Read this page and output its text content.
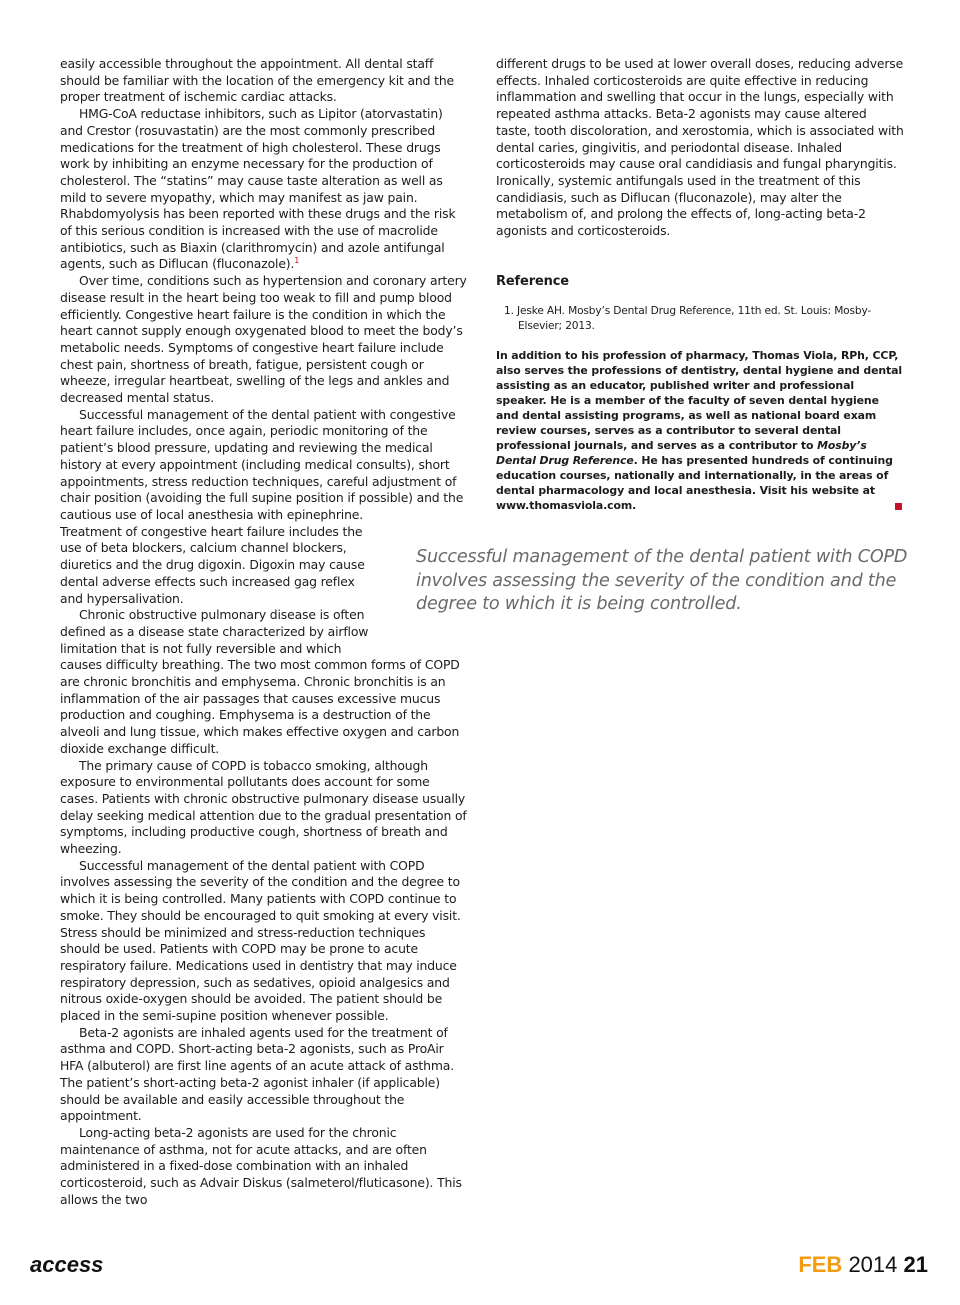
easily accessible throughout the appointment. All dental staff should be familiar with the location of the emergency kit and the proper treatment of ischemic cardiac attacks.

HMG-CoA reductase inhibitors, such as Lipitor (atorvastatin) and Crestor (rosuvastatin) are the most commonly prescribed medications for the treatment of high cholesterol. These drugs work by inhibiting an enzyme necessary for the production of cholesterol. The “statins” may cause taste alteration as well as mild to severe myopathy, which may manifest as jaw pain. Rhabdomyolysis has been reported with these drugs and the risk of this serious condition is increased with the use of macrolide antibiotics, such as Biaxin (clarithromycin) and azole antifungal agents, such as Diflucan (fluconazole).$^1$

Over time, conditions such as hypertension and coronary artery disease result in the heart being too weak to fill and pump blood efficiently. Congestive heart failure is the condition in which the heart cannot supply enough oxygenated blood to meet the body’s metabolic needs. Symptoms of congestive heart failure include chest pain, shortness of breath, fatigue, persistent cough or wheeze, irregular heartbeat, swelling of the legs and ankles and decreased mental status.

Successful management of the dental patient with congestive heart failure includes, once again, periodic monitoring of the patient’s blood pressure, updating and reviewing the medical history at every appointment (including medical consults), short appointments, stress reduction techniques, careful adjustment of chair position (avoiding the full supine position if possible) and the cautious use of local anesthesia with epinephrine.

Treatment of congestive heart failure includes the use of beta blockers, calcium channel blockers, diuretics and the drug digoxin. Digoxin may cause dental adverse effects such increased gag reflex and hypersalivation.

Chronic obstructive pulmonary disease is often defined as a disease state characterized by airflow limitation that is not fully reversible and which

causes difficulty breathing. The two most common forms of COPD are chronic bronchitis and emphysema. Chronic bronchitis is an inflammation of the air passages that causes excessive mucus production and coughing. Emphysema is a destruction of the alveoli and lung tissue, which makes effective oxygen and carbon dioxide exchange difficult.

The primary cause of COPD is tobacco smoking, although exposure to environmental pollutants does account for some cases. Patients with chronic obstructive pulmonary disease usually delay seeking medical attention due to the gradual presentation of symptoms, including productive cough, shortness of breath and wheezing.

Successful management of the dental patient with COPD involves assessing the severity of the condition and the degree to which it is being controlled. Many patients with COPD continue to smoke. They should be encouraged to quit smoking at every visit. Stress should be minimized and stress-reduction techniques should be used. Patients with COPD may be prone to acute respiratory failure. Medications used in dentistry that may induce respiratory depression, such as sedatives, opioid analgesics and nitrous oxide-oxygen should be avoided. The patient should be placed in the semi-supine position whenever possible.

Beta-2 agonists are inhaled agents used for the treatment of asthma and COPD. Short-acting beta-2 agonists, such as ProAir HFA (albuterol) are first line agents of an acute attack of asthma. The patient’s short-acting beta-2 agonist inhaler (if applicable) should be available and easily accessible throughout the appointment.

Long-acting beta-2 agonists are used for the chronic maintenance of asthma, not for acute attacks, and are often administered in a fixed-dose combination with an inhaled corticosteroid, such as Advair Diskus (salmeterol/fluticasone). This allows the two

different drugs to be used at lower overall doses, reducing adverse effects. Inhaled corticosteroids are quite effective in reducing inflammation and swelling that occur in the lungs, especially with repeated asthma attacks. Beta-2 agonists may cause altered taste, tooth discoloration, and xerostomia, which is associated with dental caries, gingivitis, and periodontal disease. Inhaled corticosteroids may cause oral candidiasis and fungal pharyngitis. Ironically, systemic antifungals used in the treatment of this candidiasis, such as Diflucan (fluconazole), may alter the metabolism of, and prolong the effects of, long-acting beta-2 agonists and corticosteroids.

Reference
1. Jeske AH. Mosby’s Dental Drug Reference, 11th ed. St. Louis: Mosby-Elsevier; 2013.
In addition to his profession of pharmacy, Thomas Viola, RPh, CCP, also serves the professions of dentistry, dental hygiene and dental assisting as an educator, published writer and professional speaker. He is a member of the faculty of seven dental hygiene and dental assisting programs, as well as national board exam review courses, serves as a contributor to several dental professional journals, and serves as a contributor to Mosby’s Dental Drug Reference. He has presented hundreds of continuing education courses, nationally and internationally, in the areas of dental pharmacology and local anesthesia. Visit his website at www.thomasviola.com.
Successful management of the dental patient with COPD involves assessing the severity of the condition and the degree to which it is being controlled.
access	FEB 2014 21
